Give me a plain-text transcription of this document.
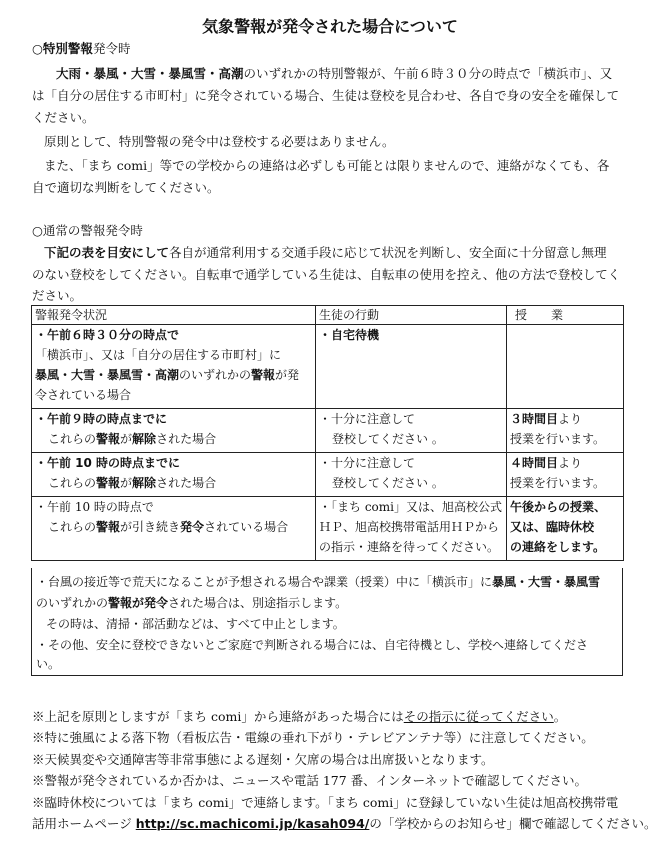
気象警報が発令された場合について
○特別警報発令時
大雨・暴風・大雪・暴風雪・高潮のいずれかの特別警報が、午前６時３０分の時点で「横浜市」、又
は「自分の居住する市町村」に発令されている場合、生徒は登校を見合わせ、各自で身の安全を確保して
ください。
原則として、特別警報の発令中は登校する必要はありません。
また、「まち comi」等での学校からの連絡は必ずしも可能とは限りませんので、連絡がなくても、各
自で適切な判断をしてください。
○通常の警報発令時
下記の表を目安にして各自が通常利用する交通手段に応じて状況を判断し、安全面に十分留意し無理
のない登校をしてください。自転車で通学している生徒は、自転車の使用を控え、他の方法で登校してく
ださい。
警報発令状況	生徒の行動	授　　業

・午前６時３０分の時点で
「横浜市」、又は「自分の居住する市町村」に
暴風・大雪・暴風雪・高潮のいずれかの警報が発
令されている場合	・自宅待機	

・午前９時の時点までに
これらの警報が解除された場合	・十分に注意して
登校してください 。	３時間目より
授業を行います。

・午前 10 時の時点までに
これらの警報が解除された場合	・十分に注意して
登校してください 。	４時間目より
授業を行います。

・午前 10 時の時点で
これらの警報が引き続き発令されている場合	・「まち comi」又は、旭高校公式
ＨＰ、旭高校携帯電話用ＨＰから
の指示・連絡を待ってください。	午後からの授業、
又は、臨時休校
の連絡をします。
・台風の接近等で荒天になることが予想される場合や課業（授業）中に「横浜市」に暴風・大雪・暴風雪
のいずれかの警報が発令された場合は、別途指示します。
その時は、清掃・部活動などは、すべて中止とします。
・その他、安全に登校できないとご家庭で判断される場合には、自宅待機とし、学校へ連絡してくださ
い。
※上記を原則としますが「まち comi」から連絡があった場合にはその指示に従ってください。
※特に強風による落下物（看板広告・電線の垂れ下がり・テレビアンテナ等）に注意してください。
※天候異変や交通障害等非常事態による遅刻・欠席の場合は出席扱いとなります。
※警報が発令されているか否かは、ニュースや電話 177 番、インターネットで確認してください。
※臨時休校については「まち comi」で連絡します。「まち comi」に登録していない生徒は旭高校携帯電
話用ホームページ http://sc.machicomi.jp/kasah094/の「学校からのお知らせ」欄で確認してください。
